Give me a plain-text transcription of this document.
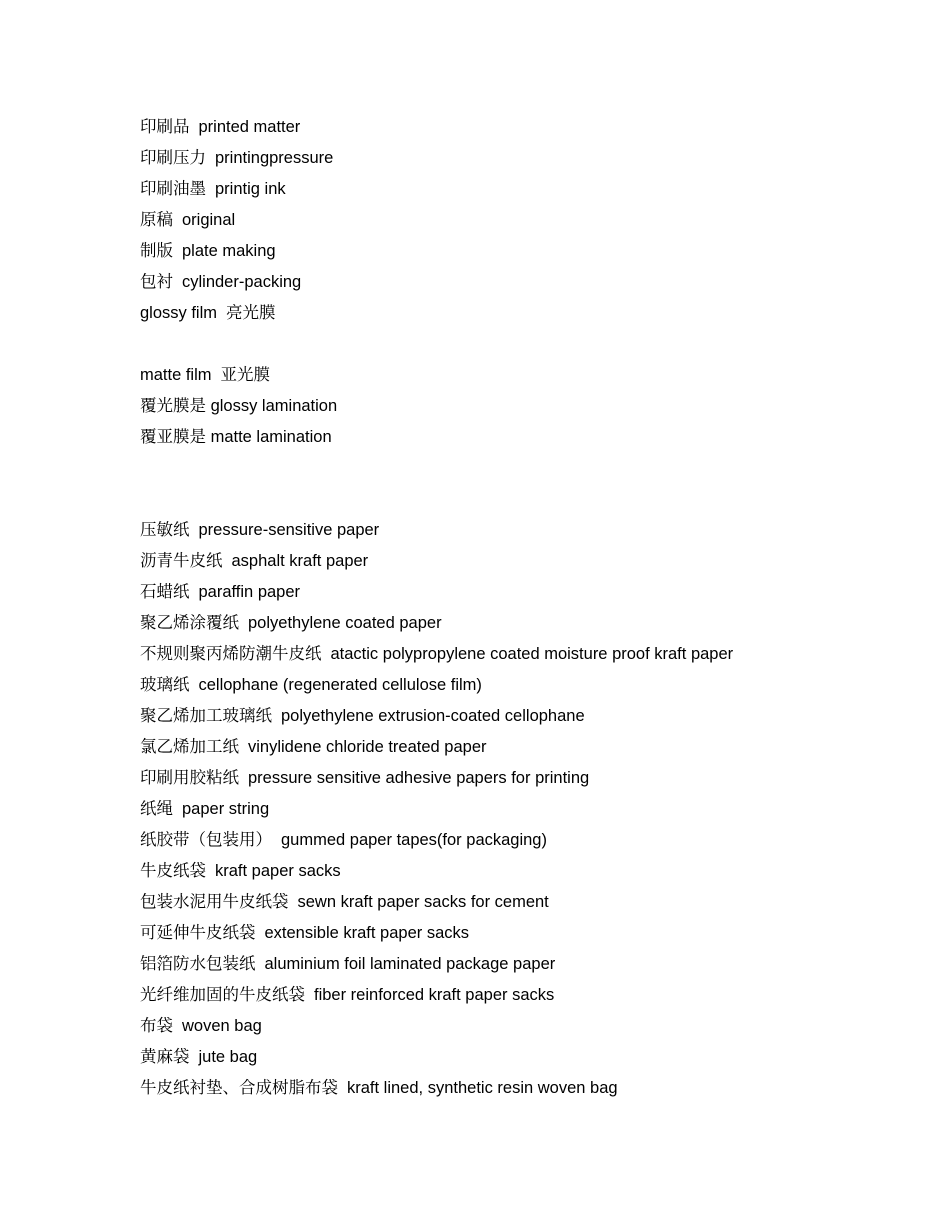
印刷品 printed matter
印刷压力 printingpressure
印刷油墨 printig ink
原稿 original
制版 plate making
包衬 cylinder-packing
glossy film 亮光膜
matte film 亚光膜
覆光膜是 glossy lamination
覆亚膜是 matte lamination
压敏纸 pressure-sensitive paper
沥青牛皮纸 asphalt kraft paper
石蜡纸 paraffin paper
聚乙烯涂覆纸 polyethylene coated paper
不规则聚丙烯防潮牛皮纸 atactic polypropylene coated moisture proof kraft paper
玻璃纸 cellophane (regenerated cellulose film)
聚乙烯加工玻璃纸 polyethylene extrusion-coated cellophane
氯乙烯加工纸 vinylidene chloride treated paper
印刷用胶粘纸 pressure sensitive adhesive papers for printing
纸绳 paper string
纸胶带（包装用） gummed paper tapes(for packaging)
牛皮纸袋 kraft paper sacks
包装水泥用牛皮纸袋 sewn kraft paper sacks for cement
可延伸牛皮纸袋 extensible kraft paper sacks
铝箔防水包装纸 aluminium foil laminated package paper
光纤维加固的牛皮纸袋 fiber reinforced kraft paper sacks
布袋 woven bag
黄麻袋 jute bag
牛皮纸衬垫、合成树脂布袋 kraft lined, synthetic resin woven bag
